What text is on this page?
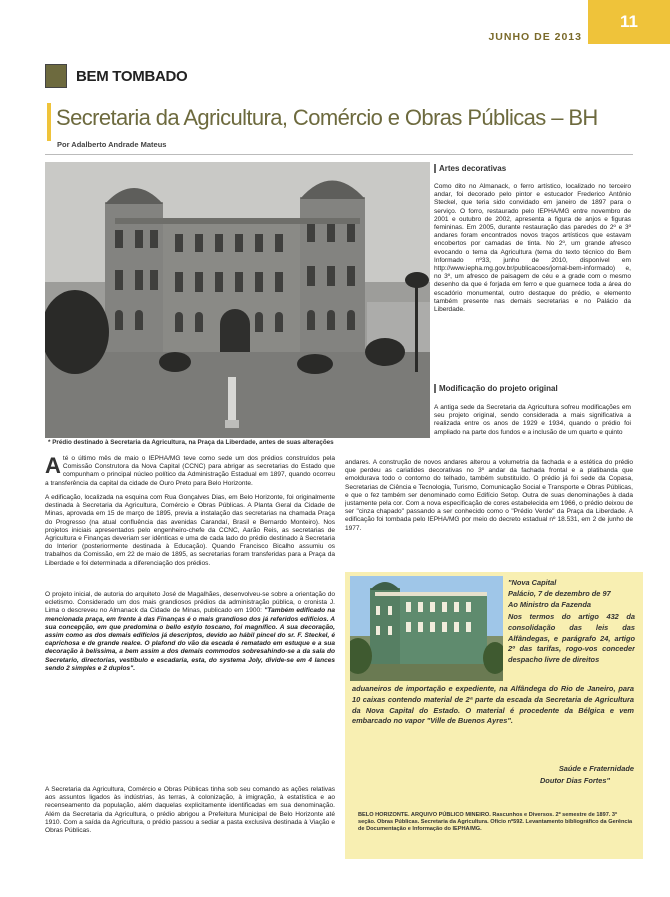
JUNHO DE 2013
11
BEM TOMBADO
Secretaria da Agricultura, Comércio e Obras Públicas – BH
Por Adalberto Andrade Mateus
* Prédio destinado à Secretaria da Agricultura, na Praça da Liberdade, antes de suas alterações

Até o último mês de maio o IEPHA/MG teve como sede um dos prédios construídos pela Comissão Construtora da Nova Capital (CCNC) para abrigar as secretarias do Estado que compunham o principal núcleo político da Administração Estadual em 1897, quando ocorreu a transferência da capital da cidade de Ouro Preto para Belo Horizonte.

Artes decorativas

Como dito no Almanack, o ferro artístico, localizado no terceiro andar, foi decorado pelo pintor e estucador Frederico Antônio Steckel, que teria sido convidado em janeiro de 1897 para o serviço. O forro, restaurado pelo IEPHA/MG entre novembro de 2001 e outubro de 2002, apresenta a figura de anjos e figuras femininas. Em 2005, durante restauração das paredes do 2º e 3º andares foram encontrados novos traços artísticos que estavam encobertos por camadas de tinta. No 2º, um grande afresco evocando o tema da Agricultura (tema do texto técnico do Bem Informado nº33, junho de 2010, disponível em http://www.iepha.mg.gov.br/publicacoes/jornal-bem-informado) e, no 3º, um afresco de paisagem de céu e a grade com o mesmo desenho da que é forjada em ferro e que guarnece toda a área do escadório monumental, outro destaque do prédio, e elemento também presente nas demais secretarias e no Palácio da Liberdade.

Modificação do projeto original

A antiga sede da Secretaria da Agricultura sofreu modificações em seu projeto original, sendo considerada a mais significativa a realizada entre os anos de 1929 e 1934, quando o prédio foi ampliado na parte dos fundos e a inclusão de um quarto e quinto

andares. A construção de novos andares alterou a volumetria da fachada e a estética do prédio que perdeu as cariatides decorativas no 3º andar da fachada frontal e a platibanda que emoldurava todo o contorno do telhado, também substituído. O prédio já foi sede da Copasa, Secretarias de Ciência e Tecnologia, Turismo, Comunicação Social e Transporte e Obras Públicas, e que o fez também ser denominado como Edifício Setop. Outra de suas denominações à dada justamente pela cor. Com a nova especificação de cores estabelecida em 1966, o prédio deixou de ser "cinza chapado" passando a ser conhecido como o "Prédio Verde" da Praça da Liberdade. A edificação foi tombada pelo IEPHA/MG por meio do decreto estadual nº 18.531, em 2 de junho de 1977.

A edificação, localizada na esquina com Rua Gonçalves Dias, em Belo Horizonte, foi originalmente destinada à Secretaria da Agricultura, Comércio e Obras Públicas. A Planta Geral da Cidade de Minas, aprovada em 15 de março de 1895, previa a instalação das secretarias na chamada Praça do Progresso (na atual confluência das avenidas Carandaí, Brasil e Bernardo Monteiro). Nos projetos iniciais apresentados pelo engenheiro-chefe da CCNC, Aarão Reis, as secretarias de Agricultura e Finanças deveriam ser idênticas e uma de cada lado do prédio destinado à Secretaria do Interior (posteriormente destinada à Educação). Quando Francisco Bicalho assumiu os trabalhos da Comissão, em 22 de maio de 1895, as secretarias foram transferidas para a Praça da Liberdade e foi determinada a diferenciação dos prédios.

O projeto inicial, de autoria do arquiteto José de Magalhães, desenvolveu-se sobre a orientação do ecletismo. Considerado um dos mais grandiosos prédios da administração pública, o cronista J. Lima o descreveu no Almanack da Cidade de Minas, publicado em 1900: "Também edificado na mencionada praça, em frente à das Finanças é o mais grandioso dos já referidos edifícios. A sua concepção, em que predomina o bello estylo toscano, foi magnífico. A sua decoração, assim como as dos demais edifícios já descriptos, devido ao hábil pincel do sr. F. Steckel, é caprichosa e de grande realce. O plafond do vão da escada é rematado em estuque e a sua decoração à belíssima, a bem assim a dos demais commodos sobresahindo-se a da sala do Secretario, directorias, vestíbulo e escadaria, esta, do systema Joly, divide-se em 4 lances sendo 2 simples e 2 duplos".

A Secretaria da Agricultura, Comércio e Obras Públicas tinha sob seu comando as ações relativas aos assuntos ligados às indústrias, às terras, à colonização, à imigração, à estatística e ao recenseamento da população, além daquelas explicitamente identificadas em sua denominação. Além da Secretaria da Agricultura, o prédio abrigou a Prefeitura Municipal de Belo Horizonte até 1910. Com a saída da Agricultura, o prédio passou a sediar a pasta exclusiva destinada à Viação e Obras Públicas.

"Nova Capital

Palácio, 7 de dezembro de 97

Ao Ministro da Fazenda

Nos termos do artigo 432 da consolidação das leis das Alfândegas, e parágrafo 24, artigo 2º das tarifas, rogo-vos conceder despacho livre de direitos

aduaneiros de importação e expediente, na Alfândega do Rio de Janeiro, para 10 caixas contendo material de 2ª parte da escada da Secretaria de Agricultura da Nova Capital do Estado. O material é procedente da Bélgica e vem embarcado no vapor "Ville de Buenos Ayres".

Saúde e Fraternidade

Doutor Dias Fortes"

BELO HORIZONTE. ARQUIVO PÚBLICO MINEIRO. Rascunhos e Diversos. 2º semestre de 1897. 3ª seção. Obras Públicas. Secretaria da Agricultura. Ofício nº592. Levantamento bibliográfico da Gerência de Documentação e Informação do IEPHA/MG.
